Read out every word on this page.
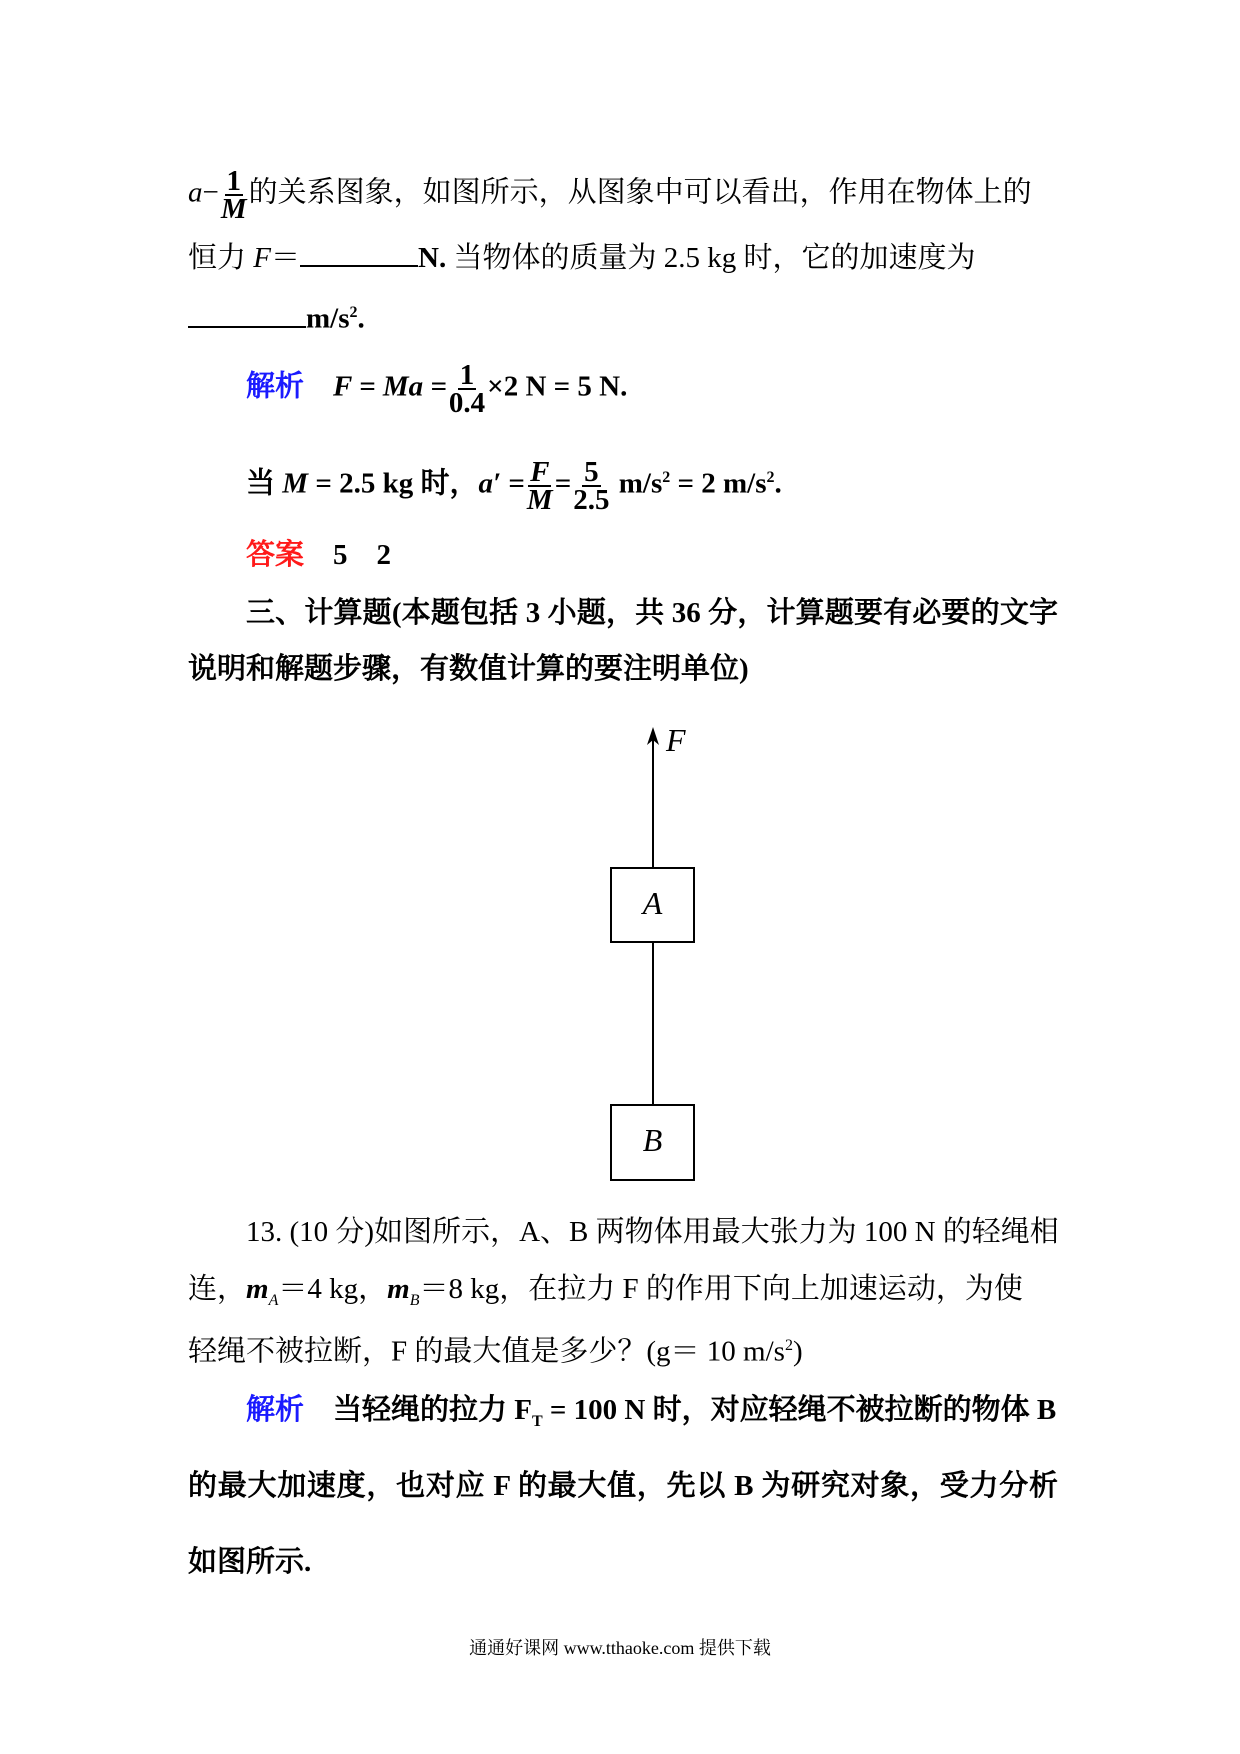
$a- \frac{1}{M}$ 的关系图象，如图所示，从图象中可以看出，作用在物体上的
恒力 F＝	N. 当物体的质量为 2.5 kg 时，它的加速度为
$m/s^2$.
解析 $F = Ma = \frac{1}{0.4} \times 2$ N = 5 N.
当 M = 2.5 kg 时，$a' = \frac{F}{M} = \frac{5}{2.5} m/s^2 = 2$ $m/s^2$.
答案 5　2
三、计算题(本题包括 3 小题，共 36 分，计算题要有必要的文字
说明和解题步骤，有数值计算的要注明单位)
F
A
B
13. (10 分)如图所示，A、B 两物体用最大张力为 100 N 的轻绳相
连，$m_A=4$ kg，$m_B=8$ kg，在拉力 F 的作用下向上加速运动，为使
轻绳不被拉断，F 的最大值是多少？(g＝ 10 $m/s^2$)
解析 当轻绳的拉力 $F_T = 100$ N 时，对应轻绳不被拉断的物体 B
的最大加速度，也对应 F 的最大值，先以 B 为研究对象，受力分析
如图所示.
通通好课网 www.tthaoke.com 提供下载
